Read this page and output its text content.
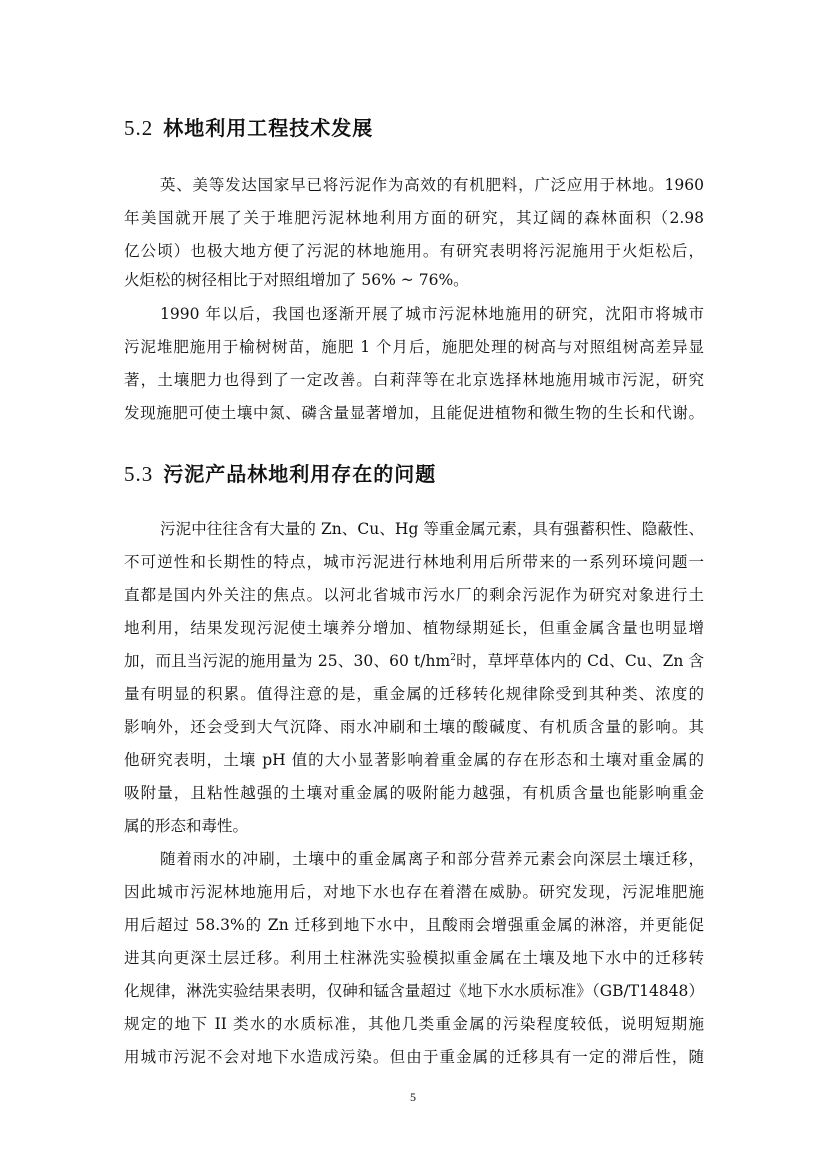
5.2 林地利用工程技术发展
英、美等发达国家早已将污泥作为高效的有机肥料，广泛应用于林地。1960
年美国就开展了关于堆肥污泥林地利用方面的研究，其辽阔的森林面积（2.98
亿公顷）也极大地方便了污泥的林地施用。有研究表明将污泥施用于火炬松后，
火炬松的树径相比于对照组增加了 56% ~ 76%。
1990 年以后，我国也逐渐开展了城市污泥林地施用的研究，沈阳市将城市
污泥堆肥施用于榆树树苗，施肥 1 个月后，施肥处理的树高与对照组树高差异显
著，土壤肥力也得到了一定改善。白莉萍等在北京选择林地施用城市污泥，研究
发现施肥可使土壤中氮、磷含量显著增加，且能促进植物和微生物的生长和代谢。
5.3 污泥产品林地利用存在的问题
污泥中往往含有大量的 Zn、Cu、Hg 等重金属元素，具有强蓄积性、隐蔽性、
不可逆性和长期性的特点，城市污泥进行林地利用后所带来的一系列环境问题一
直都是国内外关注的焦点。以河北省城市污水厂的剩余污泥作为研究对象进行土
地利用，结果发现污泥使土壤养分增加、植物绿期延长，但重金属含量也明显增
加，而且当污泥的施用量为 25、30、60 $t/hm^2$时，草坪草体内的 Cd、Cu、Zn 含
量有明显的积累。值得注意的是，重金属的迁移转化规律除受到其种类、浓度的
影响外，还会受到大气沉降、雨水冲刷和土壤的酸碱度、有机质含量的影响。其
他研究表明，土壤 pH 值的大小显著影响着重金属的存在形态和土壤对重金属的
吸附量，且粘性越强的土壤对重金属的吸附能力越强，有机质含量也能影响重金
属的形态和毒性。
随着雨水的冲刷，土壤中的重金属离子和部分营养元素会向深层土壤迁移，
因此城市污泥林地施用后，对地下水也存在着潜在威胁。研究发现，污泥堆肥施
用后超过 58.3%的 Zn 迁移到地下水中，且酸雨会增强重金属的淋溶，并更能促
进其向更深土层迁移。利用土柱淋洗实验模拟重金属在土壤及地下水中的迁移转
化规律，淋洗实验结果表明，仅砷和锰含量超过《地下水水质标准》（GB/T14848）
规定的地下 II 类水的水质标准，其他几类重金属的污染程度较低，说明短期施
用城市污泥不会对地下水造成污染。但由于重金属的迁移具有一定的滞后性，随
5
